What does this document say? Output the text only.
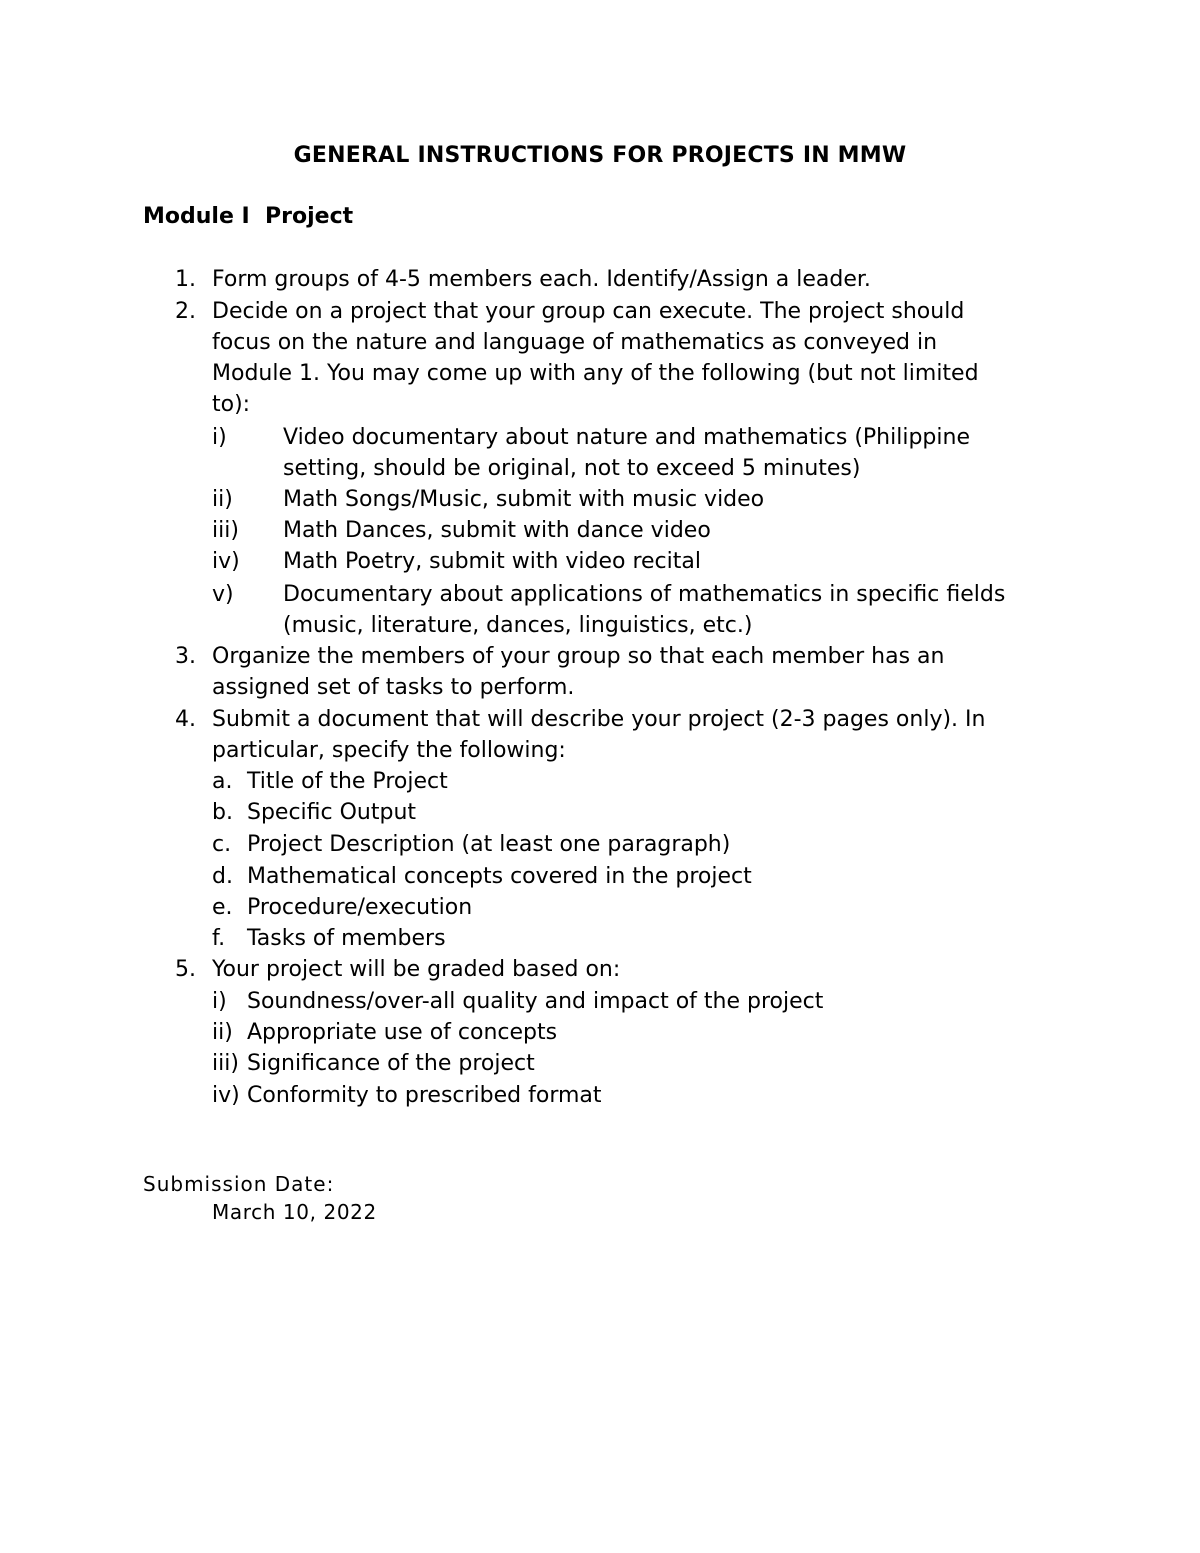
GENERAL INSTRUCTIONS FOR PROJECTS IN MMW
Module I  Project
1. Form groups of 4-5 members each. Identify/Assign a leader.
2. Decide on a project that your group can execute. The project should
focus on the nature and language of mathematics as conveyed in
Module 1. You may come up with any of the following (but not limited
to):
i)	Video documentary about nature and mathematics (Philippine
setting, should be original, not to exceed 5 minutes)
ii) Math Songs/Music, submit with music video
iii) Math Dances, submit with dance video
iv) Math Poetry, submit with video recital
v) Documentary about applications of mathematics in specific fields
(music, literature, dances, linguistics, etc.)
3. Organize the members of your group so that each member has an
assigned set of tasks to perform.
4. Submit a document that will describe your project (2-3 pages only). In
particular, specify the following:
a. Title of the Project
b. Specific Output
c. Project Description (at least one paragraph)
d. Mathematical concepts covered in the project
e. Procedure/execution
f. Tasks of members
5. Your project will be graded based on:
i) Soundness/over-all quality and impact of the project
ii) Appropriate use of concepts
iii) Significance of the project
iv) Conformity to prescribed format
Submission Date:
March 10, 2022
